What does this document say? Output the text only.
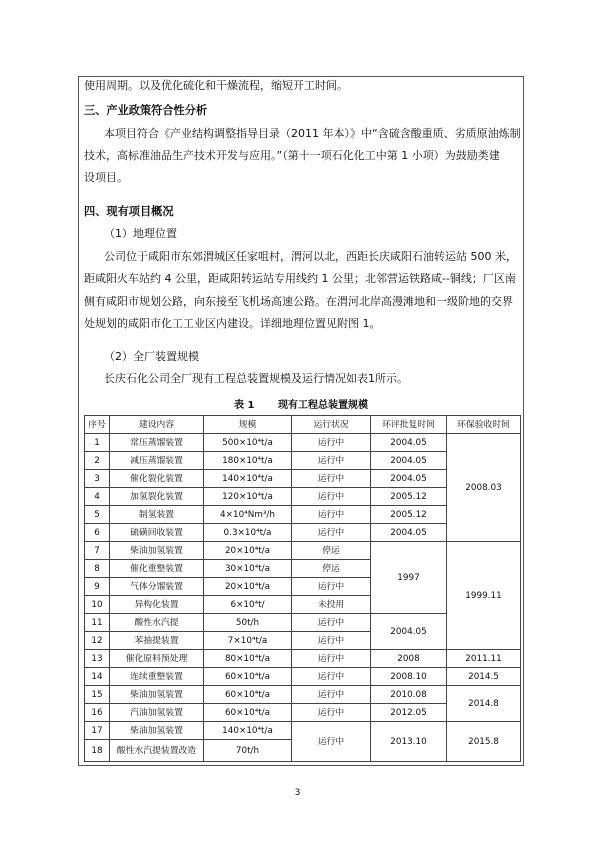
使用周期。以及优化硫化和干燥流程，缩短开工时间。
三、产业政策符合性分析
本项目符合《产业结构调整指导目录（2011 年本）》中“含硫含酸重质、劣质原油炼制
技术，高标准油品生产技术开发与应用。”（第十一项石化化工中第 1 小项）为鼓励类建
设项目。
四、现有项目概况
（1）地理位置
公司位于咸阳市东郊渭城区任家咀村，渭河以北，西距长庆咸阳石油转运站 500 米，
距咸阳火车站约 4 公里，距咸阳转运站专用线约 1 公里；北邻营运铁路咸--铜线；厂区南
侧有咸阳市规划公路，向东接至飞机场高速公路。在渭河北岸高漫滩地和一级阶地的交界
处规划的咸阳市化工工业区内建设。详细地理位置见附图 1。
（2）全厂装置规模
长庆石化公司全厂现有工程总装置规模及运行情况如表1所示。
表 1 现有工程总装置规模
序号	建设内容	规模	运行状况	环评批复时间	环保验收时间
1	常压蒸馏装置	500×10⁴t/a	运行中	2004.05	2008.03
2	减压蒸馏装置	180×10⁴t/a	运行中	2004.05	
3	催化裂化装置	140×10⁴t/a	运行中	2004.05	
4	加氢裂化装置	120×10⁴t/a	运行中	2005.12	
5	制氢装置	4×10⁴Nm³/h	运行中	2005.12	
6	硫磺回收装置	0.3×10⁴t/a	运行中	2004.05	
7	柴油加氢装置	20×10⁴t/a	停运	1997	1999.11
8	催化重整装置	30×10⁴t/a	停运		
9	气体分馏装置	20×10⁴t/a	运行中		
10	异构化装置	6×10⁴t/	未投用		
11	酸性水汽提	50t/h	运行中	2004.05	
12	苯抽提装置	7×10⁴t/a	运行中		
13	催化原料预处理	80×10⁴t/a	运行中	2008	2011.11
14	连续重整装置	60×10⁴t/a	运行中	2008.10	2014.5
15	柴油加氢装置	60×10⁴t/a	运行中	2010.08	2014.8
16	汽油加氢装置	60×10⁴t/a	运行中	2012.05	
17	柴油加氢装置	140×10⁴t/a	运行中	2013.10	2015.8
18	酸性水汽提装置改造	70t/h			
3
